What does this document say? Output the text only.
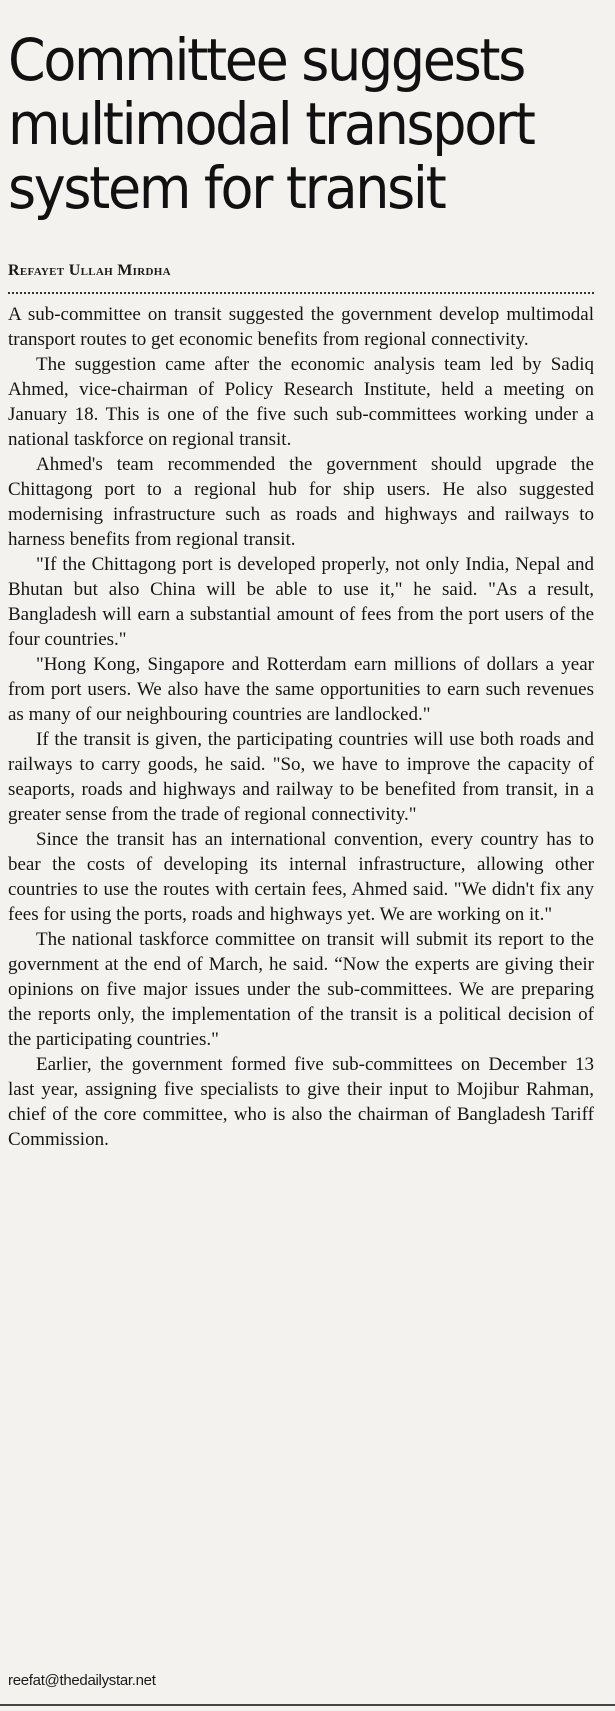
Committee suggests multimodal transport system for transit
Refayet Ullah Mirdha

A sub-committee on transit suggested the government develop multimodal transport routes to get economic benefits from regional connectivity.

The suggestion came after the economic analysis team led by Sadiq Ahmed, vice-chairman of Policy Research Institute, held a meeting on January 18. This is one of the five such sub-committees working under a national taskforce on regional transit.

Ahmed's team recommended the government should upgrade the Chittagong port to a regional hub for ship users. He also suggested modernising infrastructure such as roads and highways and railways to harness benefits from regional transit.

"If the Chittagong port is developed properly, not only India, Nepal and Bhutan but also China will be able to use it," he said. "As a result, Bangladesh will earn a substantial amount of fees from the port users of the four countries."

"Hong Kong, Singapore and Rotterdam earn millions of dollars a year from port users. We also have the same opportunities to earn such revenues as many of our neighbouring countries are landlocked."

If the transit is given, the participating countries will use both roads and railways to carry goods, he said. "So, we have to improve the capacity of seaports, roads and highways and railway to be benefited from transit, in a greater sense from the trade of regional connectivity."

Since the transit has an international convention, every country has to bear the costs of developing its internal infrastructure, allowing other countries to use the routes with certain fees, Ahmed said. "We didn't fix any fees for using the ports, roads and highways yet. We are working on it."

The national taskforce committee on transit will submit its report to the government at the end of March, he said. “Now the experts are giving their opinions on five major issues under the sub-committees. We are preparing the reports only, the implementation of the transit is a political decision of the participating countries."

Earlier, the government formed five sub-committees on December 13 last year, assigning five specialists to give their input to Mojibur Rahman, chief of the core committee, who is also the chairman of Bangladesh Tariff Commission.

reefat@thedailystar.net
